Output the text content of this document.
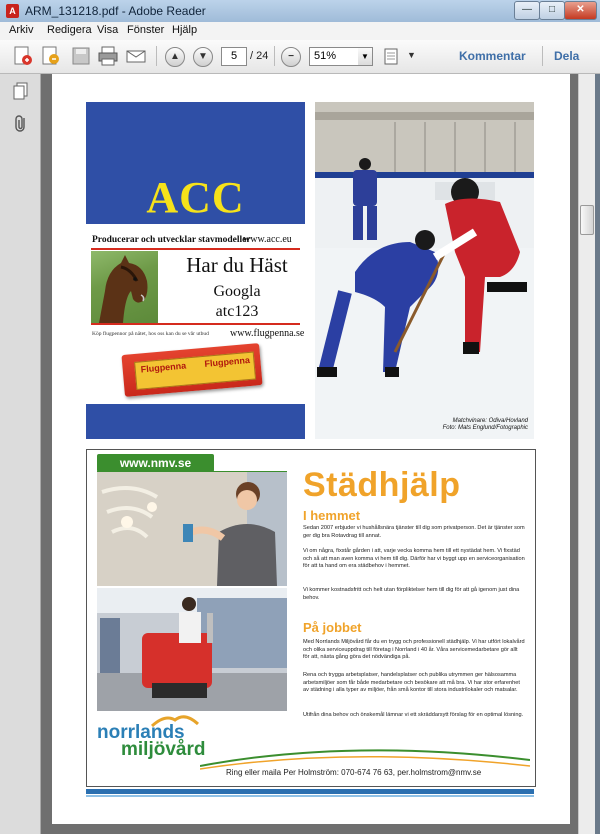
A ARM_131218.pdf - Adobe Reader	—	□	✕
Arkiv Redigera Visa Fönster Hjälp
▲	▼	5	/ 24	−	51%	▼	▼	Kommentar Dela
ACC
Producerar och utvecklar stavmodeller
www.acc.eu
Har du Häst
Googla
atc123
Köp flugpennor på nätet, hos oss kan du se vår utbud	www.flugpenna.se
Flugpenna Flugpenna
Matchvinare: Odiva/Hovland
Foto: Mats Englund/Fotographic
www.nmv.se
norrlands
miljövård
Städhjälp
I hemmet
Sedan 2007 erbjuder vi hushållsnära tjänster till dig som privatperson. Det är tjänster som ger dig bra Rotavdrag till annat.
Vi om några, fixstår gården i att, varje vecka komma hem till ett nystädat hem. Vi fixstäd och så att man aven komma vi hem till dig. Därför har vi byggt upp en serviceorganisation för att ta hand om era städbehov i hemmet.
Vi kommer kostnadsfritt och helt utan förpliktelser hem till dig för att gå igenom just dina behov.
På jobbet
Med Norrlands Miljövård får du en trygg och professionell städhjälp. Vi har utfört lokalvård och olika serviceuppdrag till företag i Norrland i 40 år. Våra servicemedarbetare gör allt för att, nästa gång göra det nödvändiga på.
Rena och trygga arbetsplatser, handelsplatser och publika utrymmen ger hälsosamma arbetsmiljöer som får både medarbetare och besökare att må bra. Vi har stor erfarenhet av städning i alla typer av miljöer, från små kontor till stora industrilokaler och matsalar.
Utifrån dina behov och önskemål lämnar vi ett skräddarsytt förslag för en optimal lösning.
Ring eller maila Per Holmström: 070-674 76 63, per.holmstrom@nmv.se
